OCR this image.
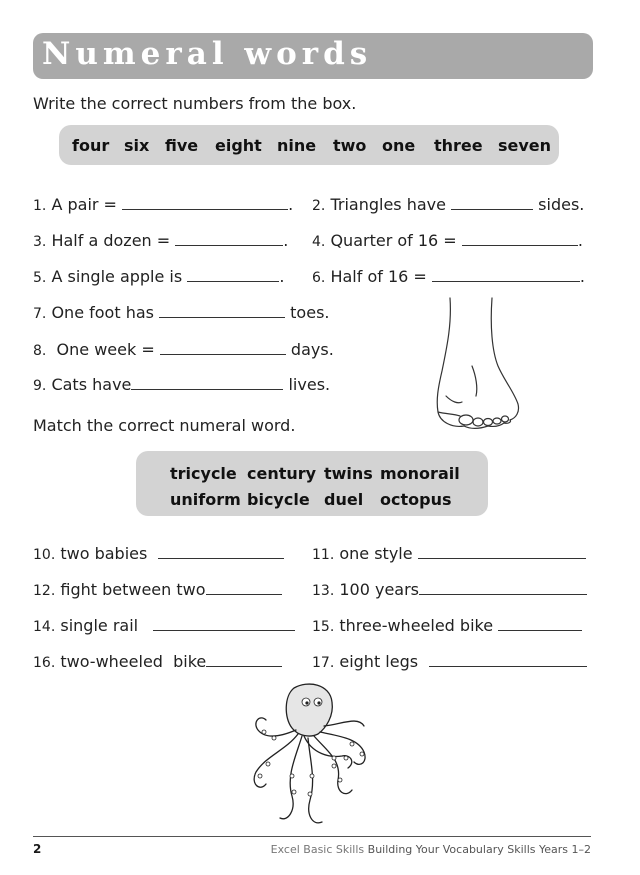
Numeral words
Write the correct numbers from the box.
four six five eight nine two one three seven
1. A pair =	. 2. Triangles have	sides.
3. Half a dozen =	. 4. Quarter of 16 =	.
5. A single apple is	. 6. Half of 16 =	.
7. One foot has	toes.
8. One week =	days.
9. Cats have	lives.
Match the correct numeral word.
tricycle century twins monorail
uniform bicycle duel octopus
10. two babies	11. one style
12. fight between two	13. 100 years
14. single rail	15. three-wheeled bike
16. two-wheeled  bike	17. eight legs
2	Excel Basic Skills Building Your Vocabulary Skills Years 1–2
